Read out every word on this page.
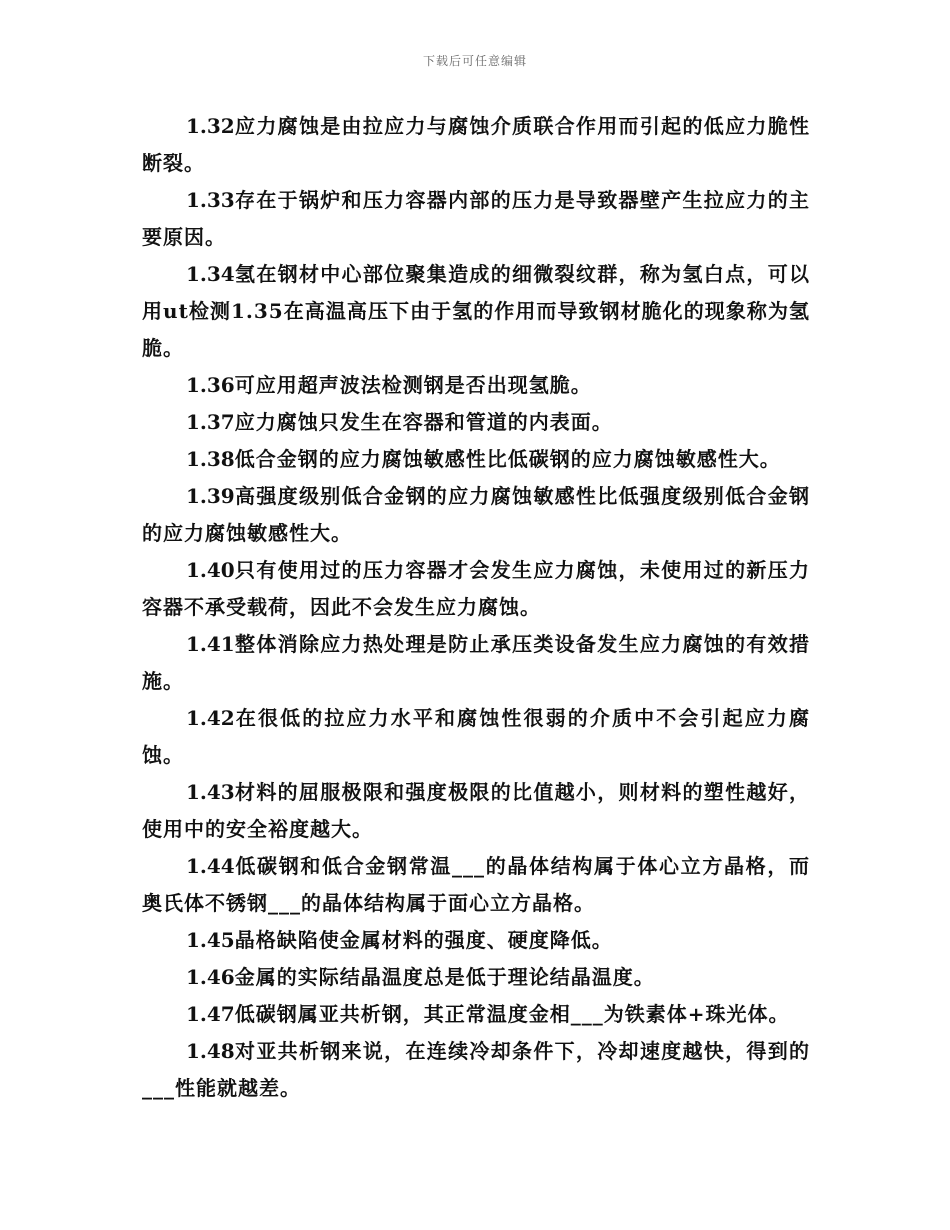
下载后可任意编辑

1.32应力腐蚀是由拉应力与腐蚀介质联合作用而引起的低应力脆性断裂。

1.33存在于锅炉和压力容器内部的压力是导致器壁产生拉应力的主要原因。

1.34氢在钢材中心部位聚集造成的细微裂纹群，称为氢白点，可以用ut检测1.35在高温高压下由于氢的作用而导致钢材脆化的现象称为氢脆。

1.36可应用超声波法检测钢是否出现氢脆。

1.37应力腐蚀只发生在容器和管道的内表面。

1.38低合金钢的应力腐蚀敏感性比低碳钢的应力腐蚀敏感性大。

1.39高强度级别低合金钢的应力腐蚀敏感性比低强度级别低合金钢的应力腐蚀敏感性大。

1.40只有使用过的压力容器才会发生应力腐蚀，未使用过的新压力容器不承受载荷，因此不会发生应力腐蚀。

1.41整体消除应力热处理是防止承压类设备发生应力腐蚀的有效措施。

1.42在很低的拉应力水平和腐蚀性很弱的介质中不会引起应力腐蚀。

1.43材料的屈服极限和强度极限的比值越小，则材料的塑性越好，使用中的安全裕度越大。

1.44低碳钢和低合金钢常温___的晶体结构属于体心立方晶格，而奥氏体不锈钢___的晶体结构属于面心立方晶格。

1.45晶格缺陷使金属材料的强度、硬度降低。

1.46金属的实际结晶温度总是低于理论结晶温度。

1.47低碳钢属亚共析钢，其正常温度金相___为铁素体+珠光体。

1.48对亚共析钢来说，在连续冷却条件下，冷却速度越快，得到的___性能就越差。
